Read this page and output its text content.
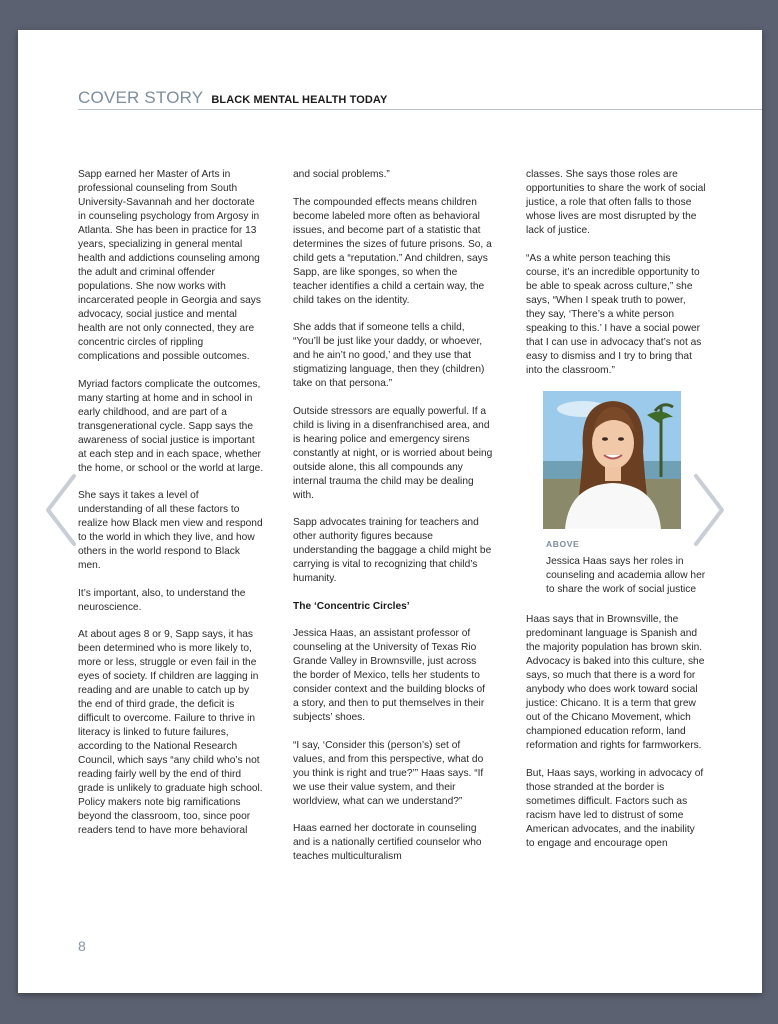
COVER STORY BLACK MENTAL HEALTH TODAY

Sapp earned her Master of Arts in professional counseling from South University-Savannah and her doctorate in counseling psychology from Argosy in Atlanta. She has been in practice for 13 years, specializing in general mental health and addictions counseling among the adult and criminal offender populations. She now works with incarcerated people in Georgia and says advocacy, social justice and mental health are not only connected, they are concentric circles of rippling complications and possible outcomes.

Myriad factors complicate the outcomes, many starting at home and in school in early childhood, and are part of a transgenerational cycle. Sapp says the awareness of social justice is important at each step and in each space, whether the home, or school or the world at large.

She says it takes a level of understanding of all these factors to realize how Black men view and respond to the world in which they live, and how others in the world respond to Black men.

It’s important, also, to understand the neuroscience.

At about ages 8 or 9, Sapp says, it has been determined who is more likely to, more or less, struggle or even fail in the eyes of society. If children are lagging in reading and are unable to catch up by the end of third grade, the deficit is difficult to overcome. Failure to thrive in literacy is linked to future failures, according to the National Research Council, which says “any child who’s not reading fairly well by the end of third grade is unlikely to graduate high school. Policy makers note big ramifications beyond the classroom, too, since poor readers tend to have more behavioral

and social problems.”

The compounded effects means children become labeled more often as behavioral issues, and become part of a statistic that determines the sizes of future prisons. So, a child gets a “reputation.” And children, says Sapp, are like sponges, so when the teacher identifies a child a certain way, the child takes on the identity.

She adds that if someone tells a child, “You’ll be just like your daddy, or whoever, and he ain’t no good,’ and they use that stigmatizing language, then they (children) take on that persona.”

Outside stressors are equally powerful. If a child is living in a disenfranchised area, and is hearing police and emergency sirens constantly at night, or is worried about being outside alone, this all compounds any internal trauma the child may be dealing with.

Sapp advocates training for teachers and other authority figures because understanding the baggage a child might be carrying is vital to recognizing that child’s humanity.

The ‘Concentric Circles’

Jessica Haas, an assistant professor of counseling at the University of Texas Rio Grande Valley in Brownsville, just across the border of Mexico, tells her students to consider context and the building blocks of a story, and then to put themselves in their subjects’ shoes.

“I say, ‘Consider this (person’s) set of values, and from this perspective, what do you think is right and true?’” Haas says. “If we use their value system, and their worldview, what can we understand?”

Haas earned her doctorate in counseling and is a nationally certified counselor who teaches multiculturalism

classes. She says those roles are opportunities to share the work of social justice, a role that often falls to those whose lives are most disrupted by the lack of justice.

“As a white person teaching this course, it’s an incredible opportunity to be able to speak across culture,” she says, “When I speak truth to power, they say, ‘There’s a white person speaking to this.’ I have a social power that I can use in advocacy that’s not as easy to dismiss and I try to bring that into the classroom.”

ABOVE
Jessica Haas says her roles in counseling and academia allow her to share the work of social justice

Haas says that in Brownsville, the predominant language is Spanish and the majority population has brown skin. Advocacy is baked into this culture, she says, so much that there is a word for anybody who does work toward social justice: Chicano. It is a term that grew out of the Chicano Movement, which championed education reform, land reformation and rights for farmworkers.

But, Haas says, working in advocacy of those stranded at the border is sometimes difficult. Factors such as racism have led to distrust of some American advocates, and the inability to engage and encourage open

8
